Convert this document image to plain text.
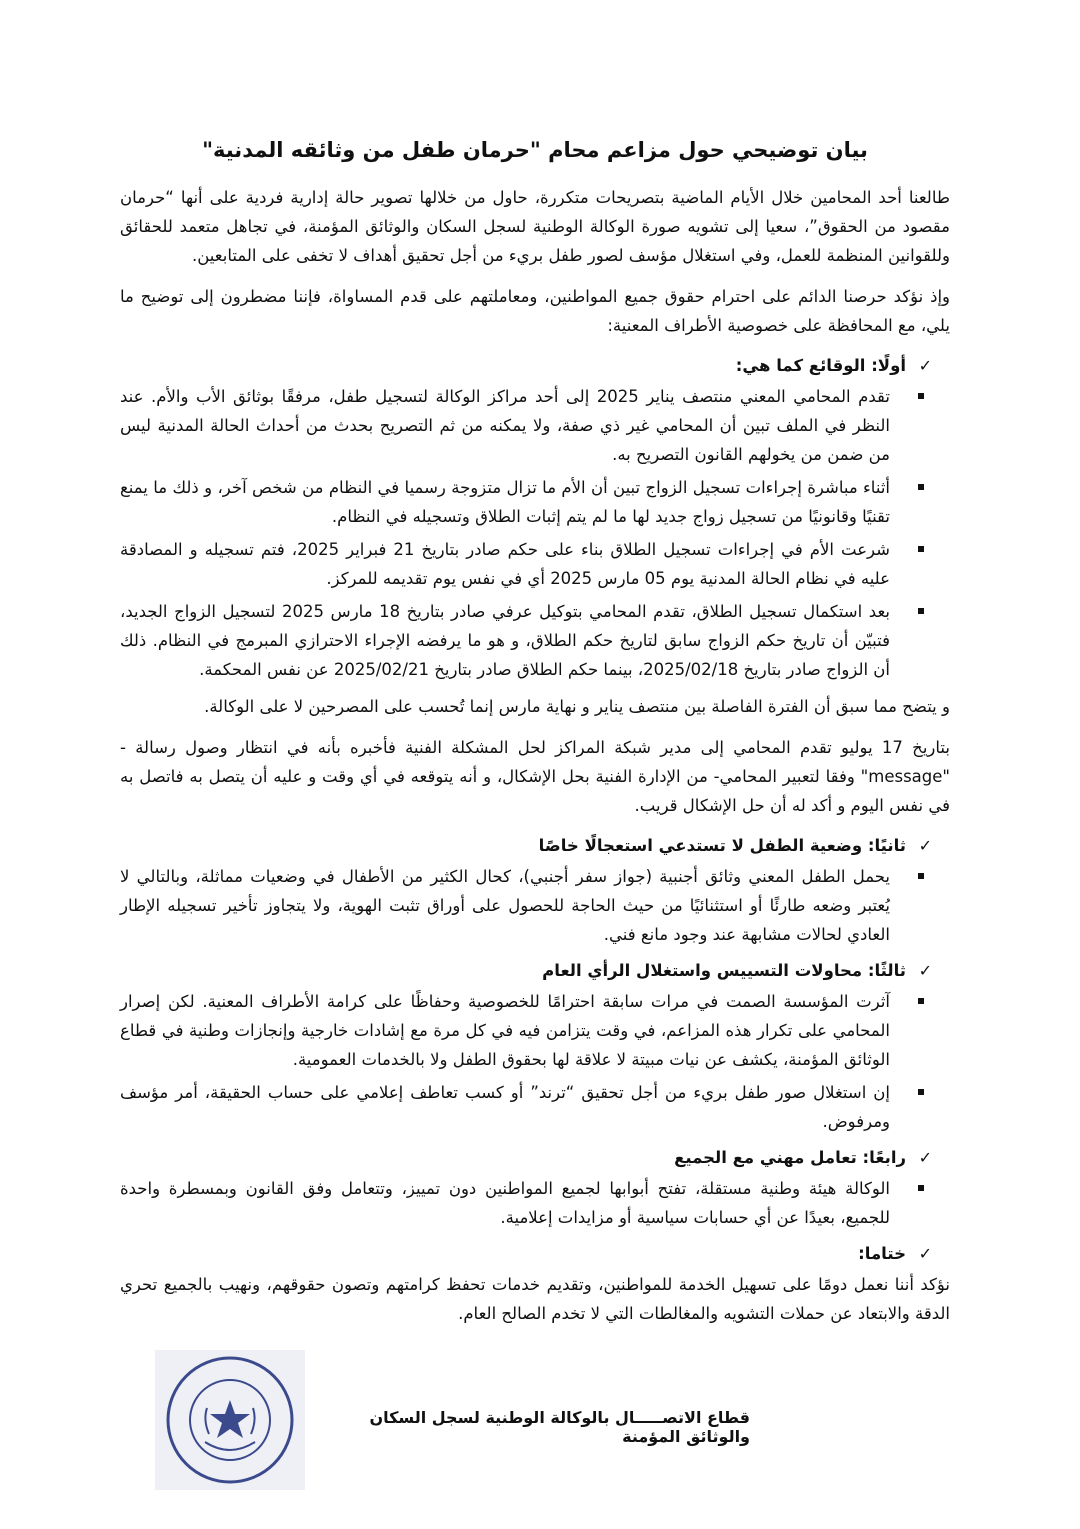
بيان توضيحي حول مزاعم محام "حرمان طفل من وثائقه المدنية"

طالعنا أحد المحامين خلال الأيام الماضية بتصريحات متكررة، حاول من خلالها تصوير حالة إدارية فردية على أنها “حرمان مقصود من الحقوق”، سعيا إلى تشويه صورة الوكالة الوطنية لسجل السكان والوثائق المؤمنة، في تجاهل متعمد للحقائق وللقوانين المنظمة للعمل، وفي استغلال مؤسف لصور طفل بريء من أجل تحقيق أهداف لا تخفى على المتابعين.

وإذ نؤكد حرصنا الدائم على احترام حقوق جميع المواطنين، ومعاملتهم على قدم المساواة، فإننا مضطرون إلى توضيح ما يلي، مع المحافظة على خصوصية الأطراف المعنية:

✓
أولًا: الوقائع كما هي:
تقدم المحامي المعني منتصف يناير 2025 إلى أحد مراكز الوكالة لتسجيل طفل، مرفقًا بوثائق الأب والأم. عند النظر في الملف تبين أن المحامي غير ذي صفة، ولا يمكنه من ثم التصريح بحدث من أحداث الحالة المدنية ليس من ضمن من يخولهم القانون التصريح به.
أثناء مباشرة إجراءات تسجيل الزواج تبين أن الأم ما تزال متزوجة رسميا في النظام من شخص آخر، و ذلك ما يمنع تقنيًا وقانونيًا من تسجيل زواج جديد لها ما لم يتم إثبات الطلاق وتسجيله في النظام.
شرعت الأم في إجراءات تسجيل الطلاق بناء على حكم صادر بتاريخ 21 فبراير 2025، فتم تسجيله و المصادقة عليه في نظام الحالة المدنية يوم 05 مارس 2025 أي في نفس يوم تقديمه للمركز.
بعد استكمال تسجيل الطلاق، تقدم المحامي بتوكيل عرفي صادر بتاريخ 18 مارس 2025 لتسجيل الزواج الجديد، فتبيّن أن تاريخ حكم الزواج سابق لتاريخ حكم الطلاق، و هو ما يرفضه الإجراء الاحترازي المبرمج في النظام. ذلك أن الزواج صادر بتاريخ 2025/02/18، بينما حكم الطلاق صادر بتاريخ 2025/02/21 عن نفس المحكمة.

و يتضح مما سبق أن الفترة الفاصلة بين منتصف يناير و نهاية مارس إنما تُحسب على المصرحين لا على الوكالة.

بتاريخ 17 يوليو تقدم المحامي إلى مدير شبكة المراكز لحل المشكلة الفنية فأخبره بأنه في انتظار وصول رسالة - "message" وفقا لتعبير المحامي- من الإدارة الفنية بحل الإشكال، و أنه يتوقعه في أي وقت و عليه أن يتصل به فاتصل به في نفس اليوم و أكد له أن حل الإشكال قريب.

✓
ثانيًا: وضعية الطفل لا تستدعي استعجالًا خاصًا
يحمل الطفل المعني وثائق أجنبية (جواز سفر أجنبي)، كحال الكثير من الأطفال في وضعيات مماثلة، وبالتالي لا يُعتبر وضعه طارئًا أو استثنائيًا من حيث الحاجة للحصول على أوراق تثبت الهوية، ولا يتجاوز تأخير تسجيله الإطار العادي لحالات مشابهة عند وجود مانع فني.
✓
ثالثًا: محاولات التسييس واستغلال الرأي العام
آثرت المؤسسة الصمت في مرات سابقة احترامًا للخصوصية وحفاظًا على كرامة الأطراف المعنية. لكن إصرار المحامي على تكرار هذه المزاعم، في وقت يتزامن فيه في كل مرة مع إشادات خارجية وإنجازات وطنية في قطاع الوثائق المؤمنة، يكشف عن نيات مبيتة لا علاقة لها بحقوق الطفل ولا بالخدمات العمومية.
إن استغلال صور طفل بريء من أجل تحقيق “ترند” أو كسب تعاطف إعلامي على حساب الحقيقة، أمر مؤسف ومرفوض.
✓
رابعًا: تعامل مهني مع الجميع
الوكالة هيئة وطنية مستقلة، تفتح أبوابها لجميع المواطنين دون تمييز، وتتعامل وفق القانون وبمسطرة واحدة للجميع، بعيدًا عن أي حسابات سياسية أو مزايدات إعلامية.
✓
ختاما:

نؤكد أننا نعمل دومًا على تسهيل الخدمة للمواطنين، وتقديم خدمات تحفظ كرامتهم وتصون حقوقهم، ونهيب بالجميع تحري الدقة والابتعاد عن حملات التشويه والمغالطات التي لا تخدم الصالح العام.

قطاع الاتصـــــال بالوكالة الوطنية لسجل السكان والوثائق المؤمنة
